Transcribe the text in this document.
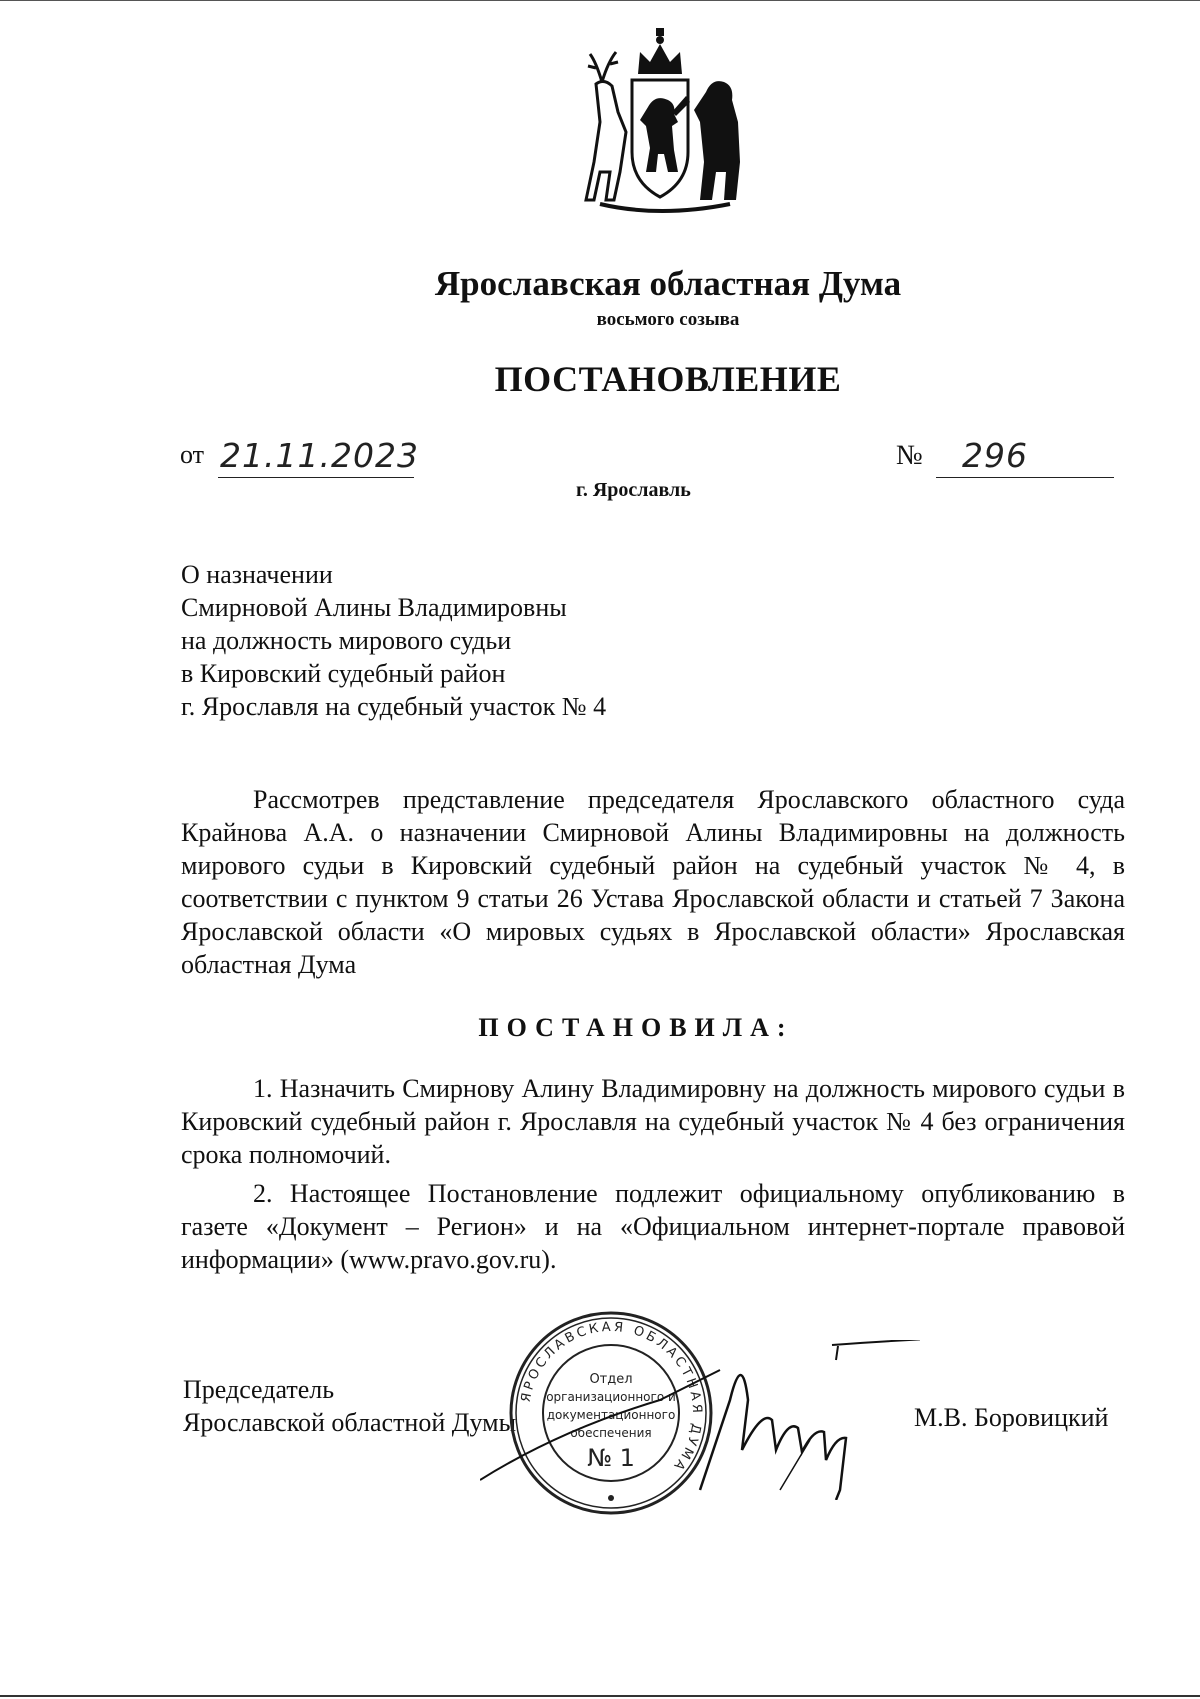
Ярославская областная Дума
восьмого созыва
ПОСТАНОВЛЕНИЕ
от 21.11.2023	№ 296
г. Ярославль
О назначении
Смирновой Алины Владимировны
на должность мирового судьи
в Кировский судебный район
г. Ярославля на судебный участок № 4
Рассмотрев представление председателя Ярославского областного суда Крайнова А.А. о назначении Смирновой Алины Владимировны на должность мирового судьи в Кировский судебный район на судебный участок № 4, в соответствии с пунктом 9 статьи 26 Устава Ярославской области и статьей 7 Закона Ярославской области «О мировых судьях в Ярославской области» Ярославская областная Дума
ПОСТАНОВИЛА:
1. Назначить Смирнову Алину Владимировну на должность мирового судьи в Кировский судебный район г. Ярославля на судебный участок № 4 без ограничения срока полномочий.
2. Настоящее Постановление подлежит официальному опубликованию в газете «Документ – Регион» и на «Официальном интернет-портале правовой информации» (www.pravo.gov.ru).
Председатель
Ярославской областной Думы	М.В. Боровицкий
ЯРОСЛАВСКАЯ ОБЛАСТНАЯ ДУМА
Отдел
организационного и
документационного
обеспечения
№ 1
